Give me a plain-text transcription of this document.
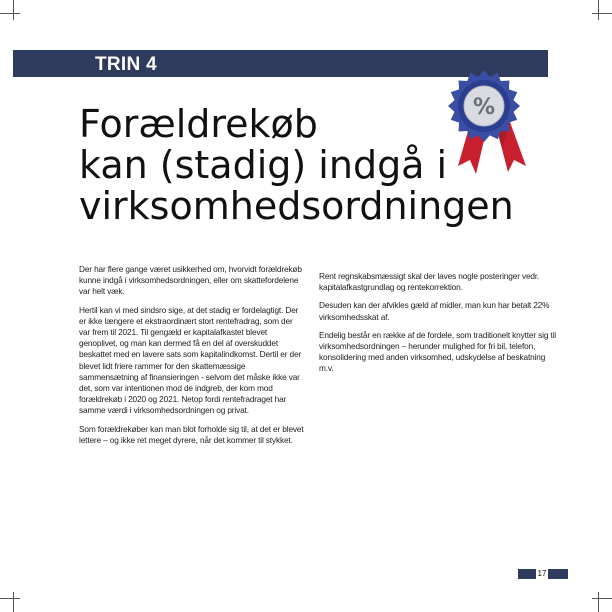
TRIN 4
Forældrekøb
kan (stadig) indgå i
virksomhedsordningen
%

Der har flere gange været usikkerhed om, hvorvidt forældrekøb kunne indgå i virksomhedsordningen, eller om skattefordelene var helt væk.

Hertil kan vi med sindsro sige, at det stadig er fordelagtigt. Der er ikke længere et ekstraordinært stort rentefradrag, som der var frem til 2021. Til gengæld er kapitalafkastet blevet genoplivet, og man kan dermed få en del af overskuddet beskattet med en lavere sats som kapitalindkomst. Dertil er der blevet lidt friere rammer for den skattemæssige sammensætning af finansieringen - selvom det måske ikke var det, som var intentionen mod de indgreb, der kom mod forældrekøb i 2020 og 2021. Netop fordi rentefradraget har samme værdi i virksomhedsordningen og privat.

Som forældrekøber kan man blot forholde sig til, at det er blevet lettere – og ikke ret meget dyrere, når det kommer til stykket.

Rent regnskabsmæssigt skal der laves nogle posteringer vedr. kapitalafkastgrundlag og rentekorrektion.

Desuden kan der afvikles gæld af midler, man kun har betalt 22% virksomhedsskat af.

Endelig består en række af de fordele, som traditionelt knytter sig til virksomhedsordningen – herunder mulighed for fri bil, telefon, konsolidering med anden virksomhed, udskydelse af beskatning m.v.

17
